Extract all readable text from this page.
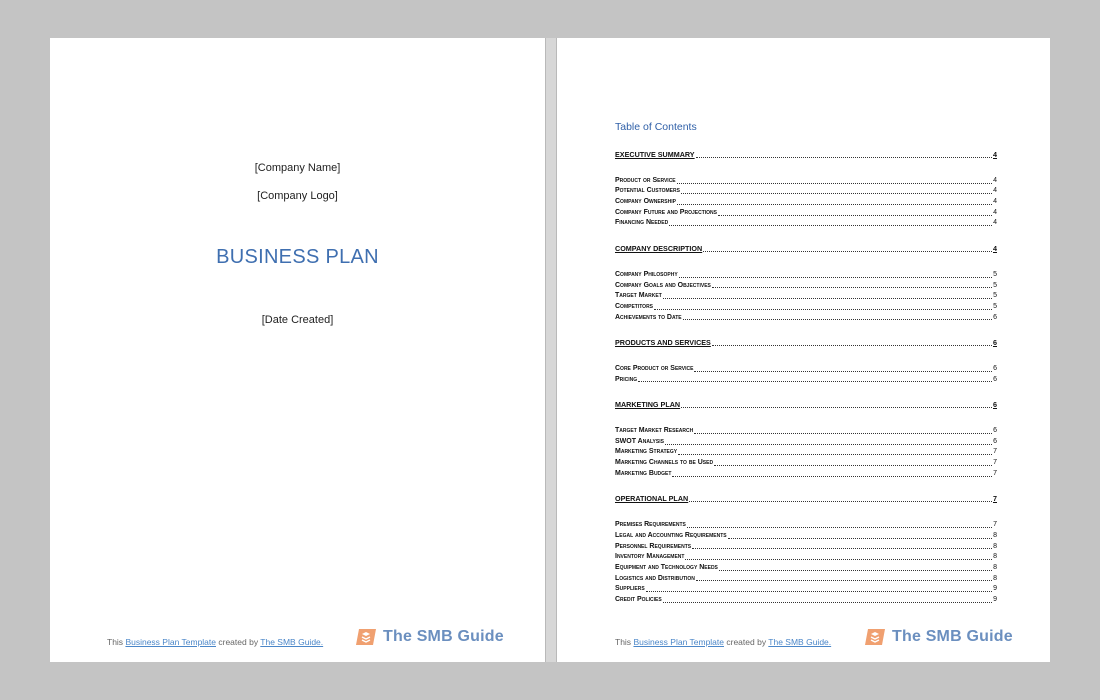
[Company Name]
[Company Logo]
BUSINESS PLAN
[Date Created]
This Business Plan Template created by The SMB Guide.	The SMB Guide
Table of Contents
EXECUTIVE SUMMARY	4
Product or Service	4
Potential Customers	4
Company Ownership	4
Company Future and Projections	4
Financing Needed	4
COMPANY DESCRIPTION	4
Company Philosophy	5
Company Goals and Objectives	5
Target Market	5
Competitors	5
Achievements to Date	6
PRODUCTS AND SERVICES	6
Core Product or Service	6
Pricing	6
MARKETING PLAN	6
Target Market Research	6
SWOT Analysis	6
Marketing Strategy	7
Marketing Channels to be Used	7
Marketing Budget	7
OPERATIONAL PLAN	7
Premises Requirements	7
Legal and Accounting Requirements	8
Personnel Requirements	8
Inventory Management	8
Equipment and Technology Needs	8
Logistics and Distribution	8
Suppliers	9
Credit Policies	9
This Business Plan Template created by The SMB Guide.	The SMB Guide
